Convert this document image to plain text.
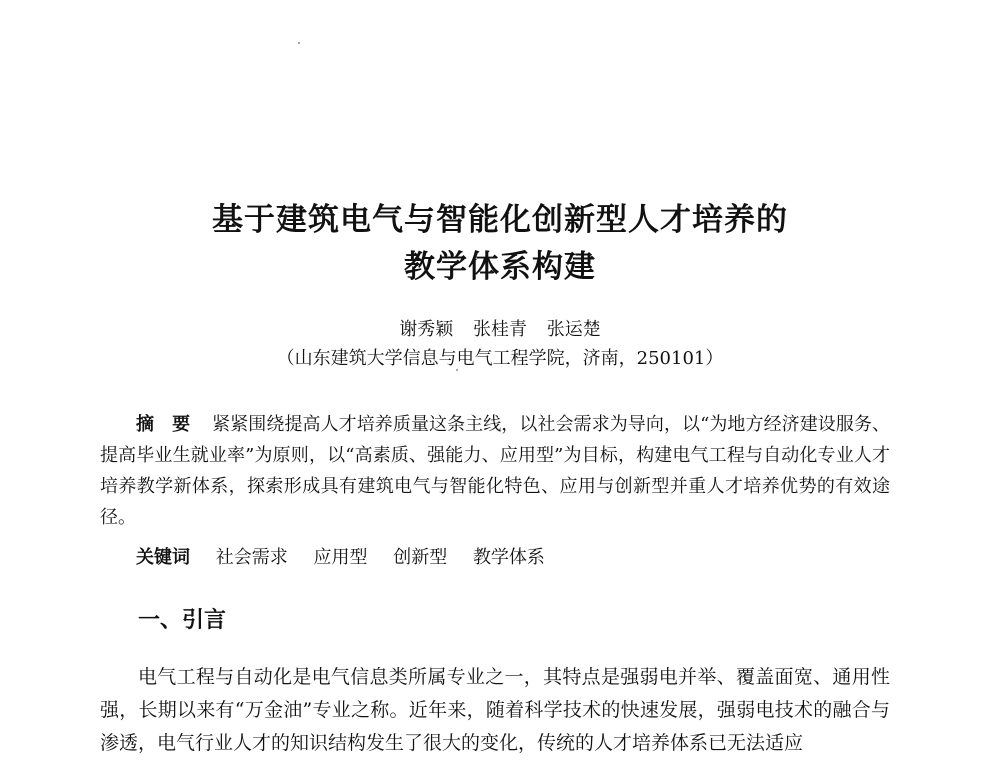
基于建筑电气与智能化创新型人才培养的
教学体系构建
谢秀颖 张桂青 张运楚
（山东建筑大学信息与电气工程学院，济南，250101）
摘要 紧紧围绕提高人才培养质量这条主线，以社会需求为导向，以“为地方经济建设服务、提高毕业生就业率”为原则，以“高素质、强能力、应用型”为目标，构建电气工程与自动化专业人才培养教学新体系，探索形成具有建筑电气与智能化特色、应用与创新型并重人才培养优势的有效途径。
关键词 社会需求 应用型 创新型 教学体系
一、引言
电气工程与自动化是电气信息类所属专业之一，其特点是强弱电并举、覆盖面宽、通用性强，长期以来有“万金油”专业之称。近年来，随着科学技术的快速发展，强弱电技术的融合与渗透，电气行业人才的知识结构发生了很大的变化，传统的人才培养体系已无法适应
